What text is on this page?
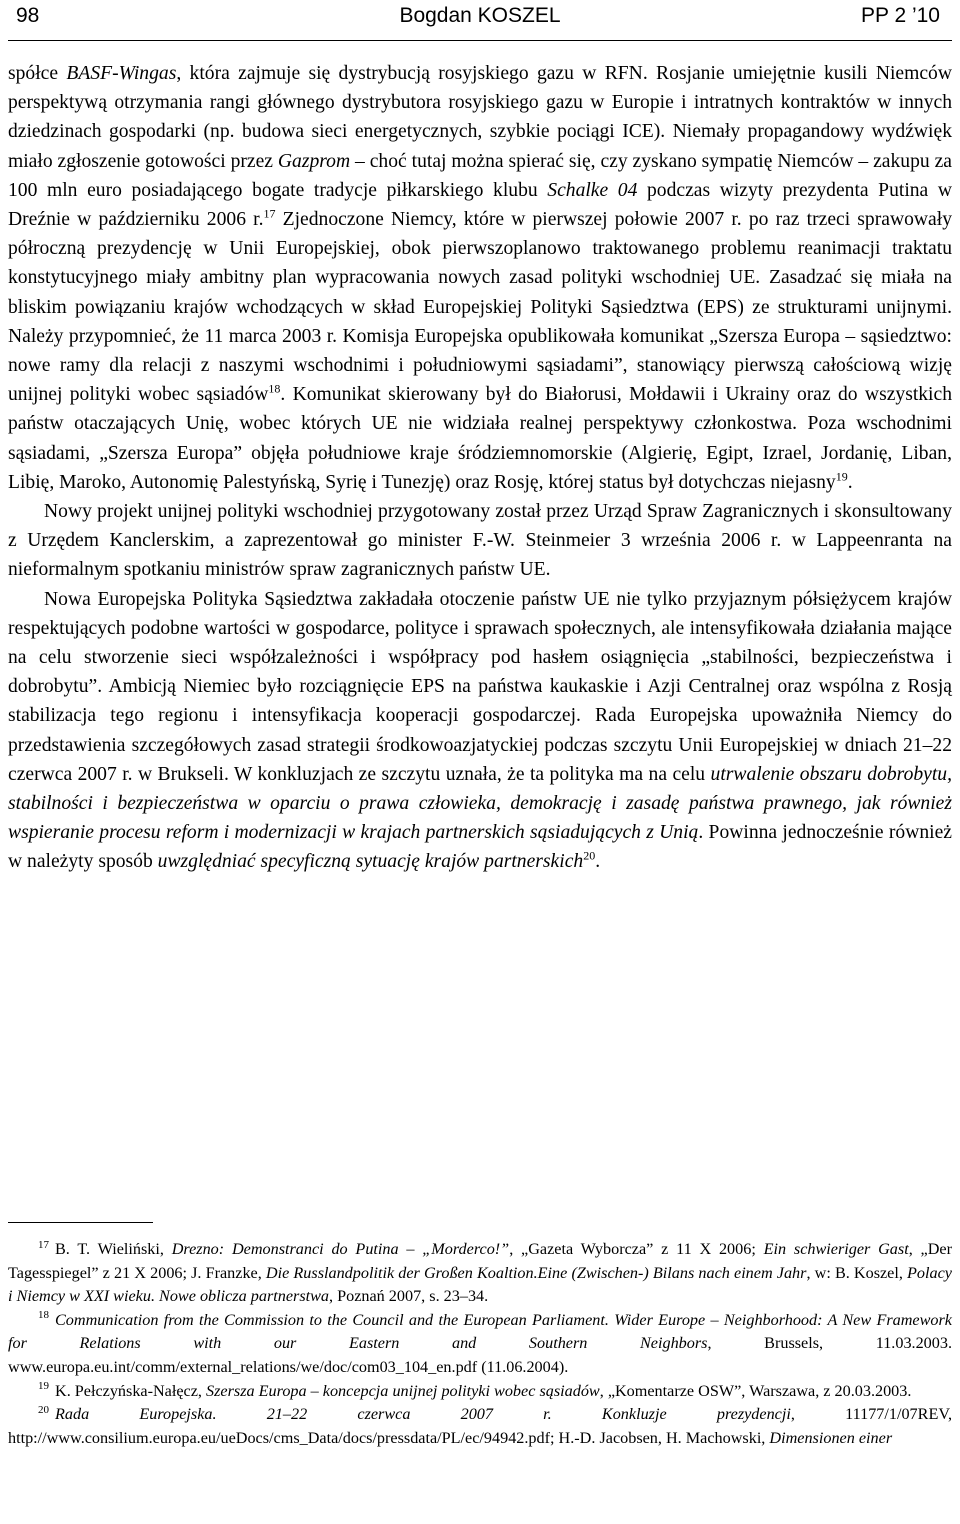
98	Bogdan KOSZEL	PP 2 ’10

spółce BASF-Wingas, która zajmuje się dystrybucją rosyjskiego gazu w RFN. Rosjanie umiejętnie kusili Niemców perspektywą otrzymania rangi głównego dystrybutora rosyjskiego gazu w Europie i intratnych kontraktów w innych dziedzinach gospodarki (np. budowa sieci energetycznych, szybkie pociągi ICE). Niemały propagandowy wydźwięk miało zgłoszenie gotowości przez Gazprom – choć tutaj można spierać się, czy zyskano sympatię Niemców – zakupu za 100 mln euro posiadającego bogate tradycje piłkarskiego klubu Schalke 04 podczas wizyty prezydenta Putina w Dreźnie w październiku 2006 r.$^{17}$ Zjednoczone Niemcy, które w pierwszej połowie 2007 r. po raz trzeci sprawowały półroczną prezydencję w Unii Europejskiej, obok pierwszoplanowo traktowanego problemu reanimacji traktatu konstytucyjnego miały ambitny plan wypracowania nowych zasad polityki wschodniej UE. Zasadzać się miała na bliskim powiązaniu krajów wchodzących w skład Europejskiej Polityki Sąsiedztwa (EPS) ze strukturami unijnymi. Należy przypomnieć, że 11 marca 2003 r. Komisja Europejska opublikowała komunikat „Szersza Europa – sąsiedztwo: nowe ramy dla relacji z naszymi wschodnimi i południowymi sąsiadami”, stanowiący pierwszą całościową wizję unijnej polityki wobec sąsiadów$^{18}$. Komunikat skierowany był do Białorusi, Mołdawii i Ukrainy oraz do wszystkich państw otaczających Unię, wobec których UE nie widziała realnej perspektywy członkostwa. Poza wschodnimi sąsiadami, „Szersza Europa” objęła południowe kraje śródziemnomorskie (Algierię, Egipt, Izrael, Jordanię, Liban, Libię, Maroko, Autonomię Palestyńską, Syrię i Tunezję) oraz Rosję, której status był dotychczas niejasny$^{19}$.

Nowy projekt unijnej polityki wschodniej przygotowany został przez Urząd Spraw Zagranicznych i skonsultowany z Urzędem Kanclerskim, a zaprezentował go minister F.-W. Steinmeier 3 września 2006 r. w Lappeenranta na nieformalnym spotkaniu ministrów spraw zagranicznych państw UE.

Nowa Europejska Polityka Sąsiedztwa zakładała otoczenie państw UE nie tylko przyjaznym półsiężycem krajów respektujących podobne wartości w gospodarce, polityce i sprawach społecznych, ale intensyfikowała działania mające na celu stworzenie sieci współzależności i współpracy pod hasłem osiągnięcia „stabilności, bezpieczeństwa i dobrobytu”. Ambicją Niemiec było rozciągnięcie EPS na państwa kaukaskie i Azji Centralnej oraz wspólna z Rosją stabilizacja tego regionu i intensyfikacja kooperacji gospodarczej. Rada Europejska upoważniła Niemcy do przedstawienia szczegółowych zasad strategii środkowoazjatyckiej podczas szczytu Unii Europejskiej w dniach 21–22 czerwca 2007 r. w Brukseli. W konkluzjach ze szczytu uznała, że ta polityka ma na celu utrwalenie obszaru dobrobytu, stabilności i bezpieczeństwa w oparciu o prawa człowieka, demokrację i zasadę państwa prawnego, jak również wspieranie procesu reform i modernizacji w krajach partnerskich sąsiadujących z Unią. Powinna jednocześnie również w należyty sposób uwzględniać specyficzną sytuację krajów partnerskich$^{20}$.

$^{17}$ B. T. Wieliński, Drezno: Demonstranci do Putina – „Morderco!”, „Gazeta Wyborcza” z 11 X 2006; Ein schwieriger Gast, „Der Tagesspiegel” z 21 X 2006; J. Franzke, Die Russlandpolitik der Großen Koaltion.Eine (Zwischen-) Bilans nach einem Jahr, w: B. Koszel, Polacy i Niemcy w XXI wieku. Nowe oblicza partnerstwa, Poznań 2007, s. 23–34.

$^{18}$ Communication from the Commission to the Council and the European Parliament. Wider Europe – Neighborhood: A New Framework for Relations with our Eastern and Southern Neighbors, Brussels, 11.03.2003. www.europa.eu.int/comm/external_relations/we/doc/com03_104_en.pdf (11.06.2004).

$^{19}$ K. Pełczyńska-Nałęcz, Szersza Europa – koncepcja unijnej polityki wobec sąsiadów, „Komentarze OSW”, Warszawa, z 20.03.2003.

$^{20}$ Rada Europejska. 21–22 czerwca 2007 r. Konkluzje prezydencji, 11177/1/07REV, http://www.consilium.europa.eu/ueDocs/cms_Data/docs/pressdata/PL/ec/94942.pdf; H.-D. Jacobsen, H. Machowski, Dimensionen einer
